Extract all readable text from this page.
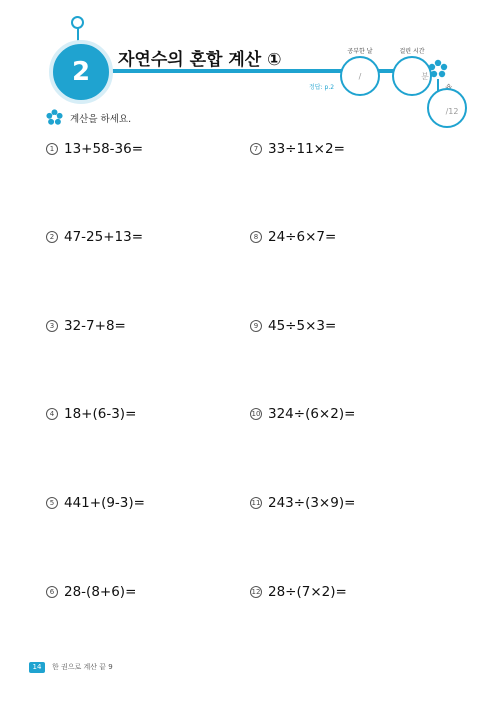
2	자연수의 혼합 계산 ①
정답: p.2
공부한 날
/
걸린 시간
분
/12
계산을 하세요.
1 13+58-36=
2 47-25+13=
3 32-7+8=
4 18+(6-3)=
5 441+(9-3)=
6 28-(8+6)=
7 33÷11×2=
8 24÷6×7=
9 45÷5×3=
10 324÷(6×2)=
11 243÷(3×9)=
12 28÷(7×2)=
14	한 권으로 계산 끝 9
